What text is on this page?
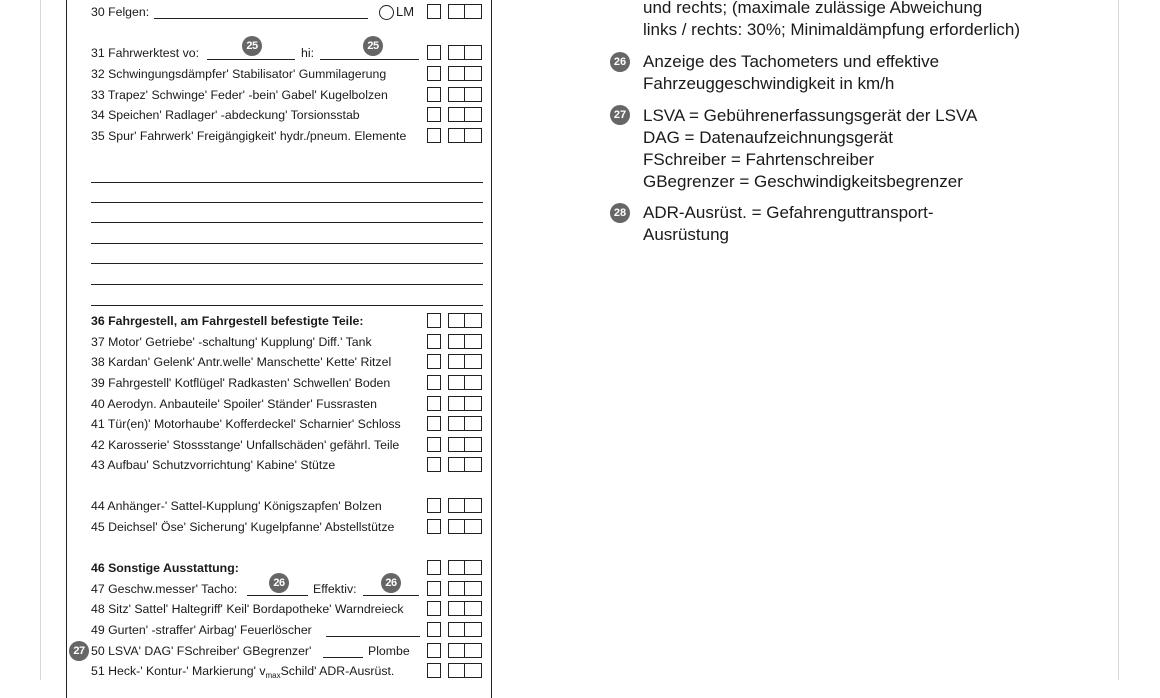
30 Felgen:	LM
31 Fahrwerktest vo:	hi:
25	25
32 Schwingungsdämpfer' Stabilisator' Gummilagerung
33 Trapez' Schwinge' Feder' -bein' Gabel' Kugelbolzen
34 Speichen' Radlager' -abdeckung' Torsionsstab
35 Spur' Fahrwerk' Freigängigkeit' hydr./pneum. Elemente
36 Fahrgestell, am Fahrgestell befestigte Teile:
37 Motor' Getriebe' -schaltung' Kupplung' Diff.' Tank
38 Kardan' Gelenk' Antr.welle' Manschette' Kette' Ritzel
39 Fahrgestell' Kotflügel' Radkasten' Schwellen' Boden
40 Aerodyn. Anbauteile' Spoiler' Ständer' Fussrasten
41 Tür(en)' Motorhaube' Kofferdeckel' Scharnier' Schloss
42 Karosserie' Stossstange' Unfallschäden' gefährl. Teile
43 Aufbau' Schutzvorrichtung' Kabine' Stütze
44 Anhänger-' Sattel-Kupplung' Königszapfen' Bolzen
45 Deichsel' Öse' Sicherung' Kugelpfanne' Abstellstütze
46 Sonstige Ausstattung:
47 Geschw.messer' Tacho:	Effektiv:
26	26
48 Sitz' Sattel' Haltegriff' Keil' Bordapotheke' Warndreieck
49 Gurten' -straffer' Airbag' Feuerlöscher
50 LSVA' DAG' FSchreiber' GBegrenzer'	Plombe
27
51 Heck-' Kontur-' Markierung' $v_{max}Schild'$ ADR-Ausrüst.
und rechts; (maximale zulässige Abweichung
links / rechts: 30%; Minimaldämpfung erforderlich)
26 Anzeige des Tachometers und effektive
Fahrzeuggeschwindigkeit in km/h
27 LSVA = Gebührenerfassungsgerät der LSVA
DAG = Datenaufzeichnungsgerät
FSchreiber = Fahrtenschreiber
GBegrenzer = Geschwindigkeitsbegrenzer
28 ADR-Ausrüst. = Gefahrenguttransport-
Ausrüstung
